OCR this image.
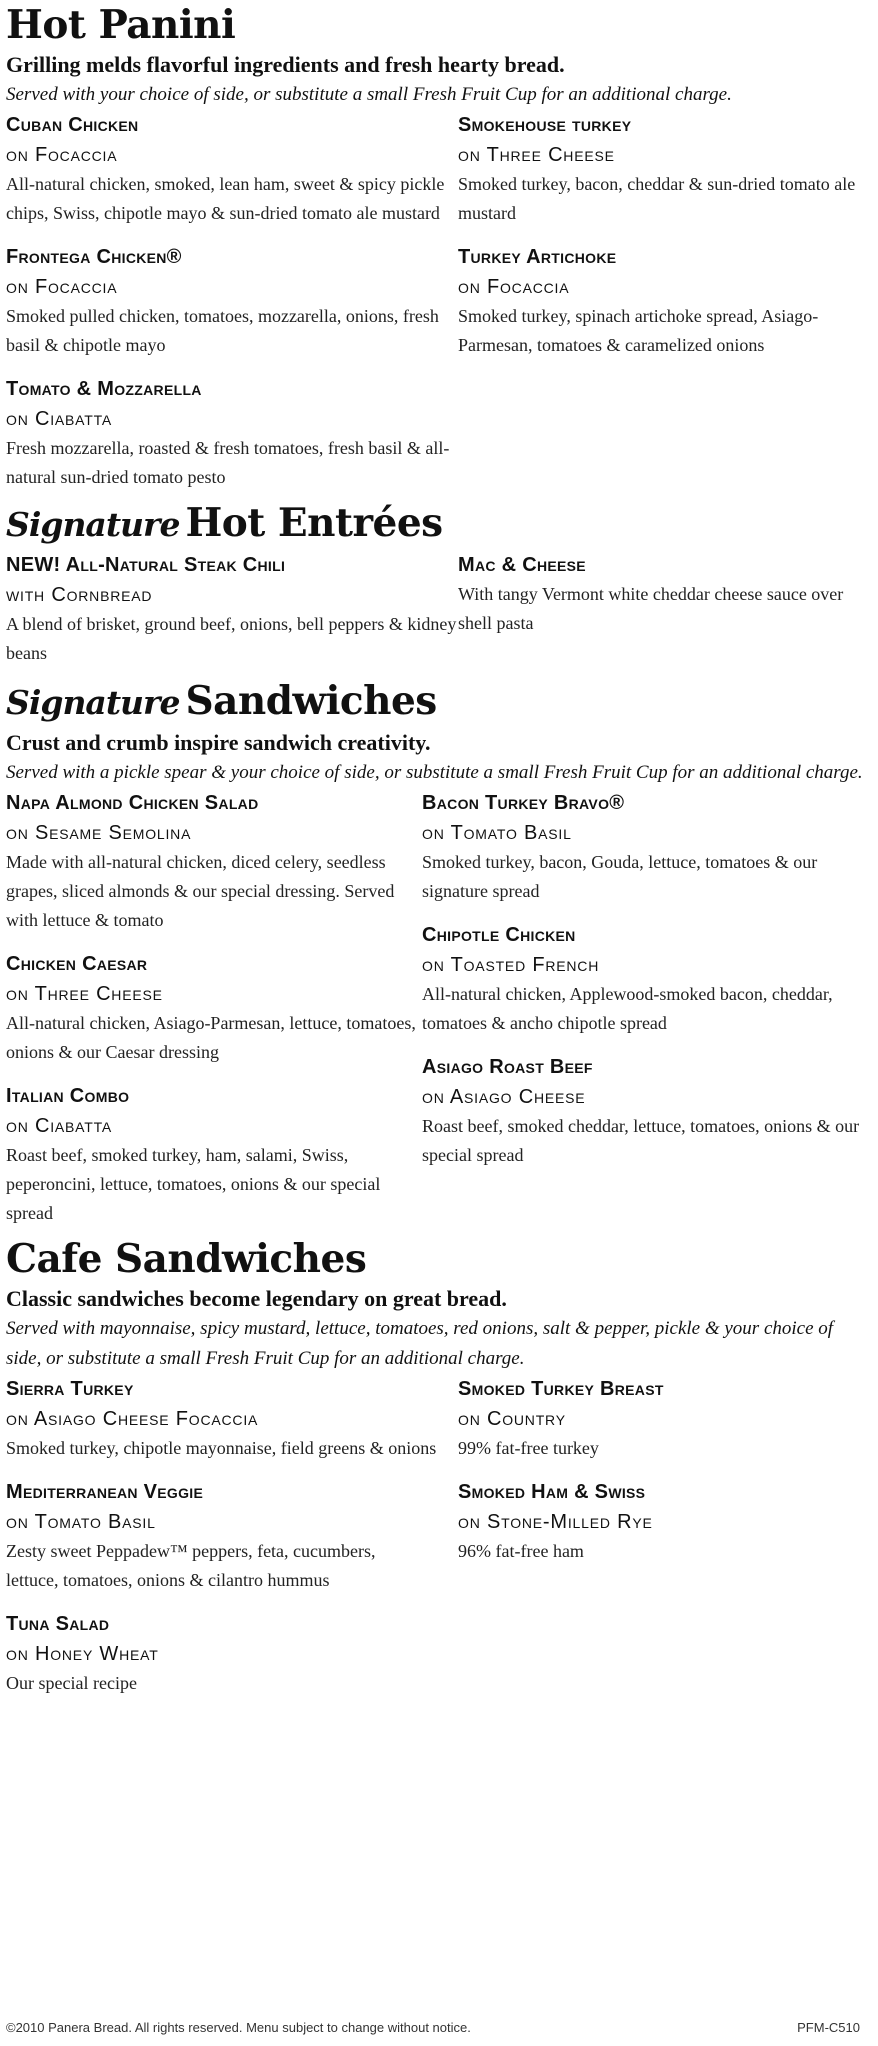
Hot Panini

Grilling melds flavorful ingredients and fresh hearty bread.

Served with your choice of side, or substitute a small Fresh Fruit Cup for an additional charge.

Cuban Chicken
on Focaccia
All-natural chicken, smoked, lean ham, sweet & spicy pickle chips, Swiss, chipotle mayo & sun-dried tomato ale mustard
Frontega Chicken®
on Focaccia
Smoked pulled chicken, tomatoes, mozzarella, onions, fresh basil & chipotle mayo
Tomato & Mozzarella
on Ciabatta
Fresh mozzarella, roasted & fresh tomatoes, fresh basil & all-natural sun-dried tomato pesto
Smokehouse turkey
on Three Cheese
Smoked turkey, bacon, cheddar & sun-dried tomato ale mustard
Turkey Artichoke
on Focaccia
Smoked turkey, spinach artichoke spread, Asiago-Parmesan, tomatoes & caramelized onions
Signature Hot Entrées
NEW! All-Natural Steak Chili
with Cornbread
A blend of brisket, ground beef, onions, bell peppers & kidney beans
Mac & Cheese
With tangy Vermont white cheddar cheese sauce over shell pasta
Signature Sandwiches

Crust and crumb inspire sandwich creativity.

Served with a pickle spear & your choice of side, or substitute a small Fresh Fruit Cup for an additional charge.

Napa Almond Chicken Salad
on Sesame Semolina
Made with all-natural chicken, diced celery, seedless grapes, sliced almonds & our special dressing. Served with lettuce & tomato
Chicken Caesar
on Three Cheese
All-natural chicken, Asiago-Parmesan, lettuce, tomatoes, onions & our Caesar dressing
Italian Combo
on Ciabatta
Roast beef, smoked turkey, ham, salami, Swiss, peperoncini, lettuce, tomatoes, onions & our special spread
Bacon Turkey Bravo®
on Tomato Basil
Smoked turkey, bacon, Gouda, lettuce, tomatoes & our signature spread
Chipotle Chicken
on Toasted French
All-natural chicken, Applewood-smoked bacon, cheddar, tomatoes & ancho chipotle spread
Asiago Roast Beef
on Asiago Cheese
Roast beef, smoked cheddar, lettuce, tomatoes, onions & our special spread
Cafe Sandwiches

Classic sandwiches become legendary on great bread.

Served with mayonnaise, spicy mustard, lettuce, tomatoes, red onions, salt & pepper, pickle & your choice of side, or substitute a small Fresh Fruit Cup for an additional charge.

Sierra Turkey
on Asiago Cheese Focaccia
Smoked turkey, chipotle mayonnaise, field greens & onions
Mediterranean Veggie
on Tomato Basil
Zesty sweet Peppadew™ peppers, feta, cucumbers, lettuce, tomatoes, onions & cilantro hummus
Tuna Salad
on Honey Wheat
Our special recipe
Smoked Turkey Breast
on Country
99% fat-free turkey
Smoked Ham & Swiss
on Stone-Milled Rye
96% fat-free ham
©2010 Panera Bread. All rights reserved. Menu subject to change without notice.	PFM-C510
